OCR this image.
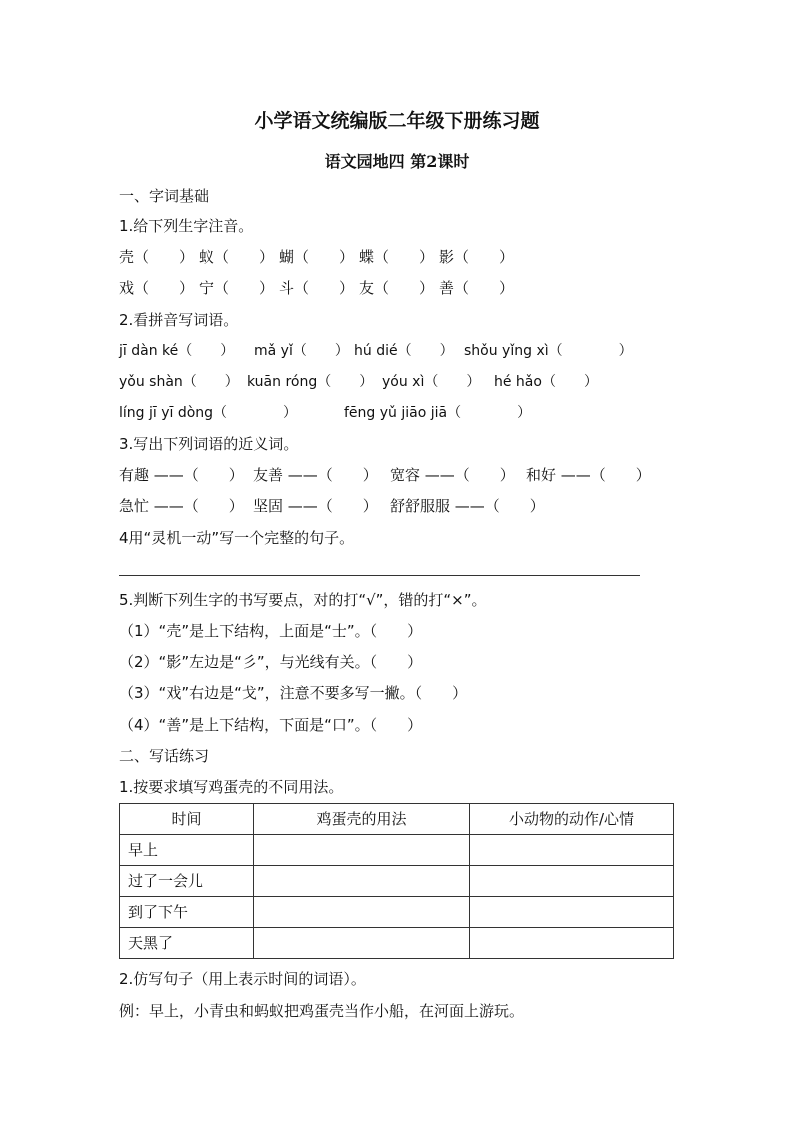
小学语文统编版二年级下册练习题
语文园地四 第2课时
一、字词基础
1.给下列生字注音。
壳（　　） 蚁（　　） 蝴（　　） 蝶（　　） 影（　　）
戏（　　） 宁（　　） 斗（　　） 友（　　） 善（　　）
2.看拼音写词语。
jī dàn ké（　　）	mǎ yǐ（　　） hú dié（　　） shǒu yǐng xì（　　　　）
yǒu shàn（　　） kuān róng（　　） yóu xì（　　） hé hǎo（　　）
líng jī yī dòng（　　　　）	fēng yǔ jiāo jiā（　　　　）
3.写出下列词语的近义词。
有趣 ——（　　） 友善 ——（　　） 宽容 ——（　　） 和好 ——（　　）
急忙 ——（　　） 坚固 ——（　　） 舒舒服服 ——（　　）
4用“灵机一动”写一个完整的句子。
5.判断下列生字的书写要点，对的打“√”，错的打“×”。
（1）“壳”是上下结构，上面是“士”。（　　）
（2）“影”左边是“彡”，与光线有关。（　　）
（3）“戏”右边是“戈”，注意不要多写一撇。（　　）
（4）“善”是上下结构，下面是“口”。（　　）
二、写话练习
1.按要求填写鸡蛋壳的不同用法。
时间	鸡蛋壳的用法	小动物的动作/心情
早上		
过了一会儿		
到了下午		
天黑了		
2.仿写句子（用上表示时间的词语）。
例：早上，小青虫和蚂蚁把鸡蛋壳当作小船，在河面上游玩。
